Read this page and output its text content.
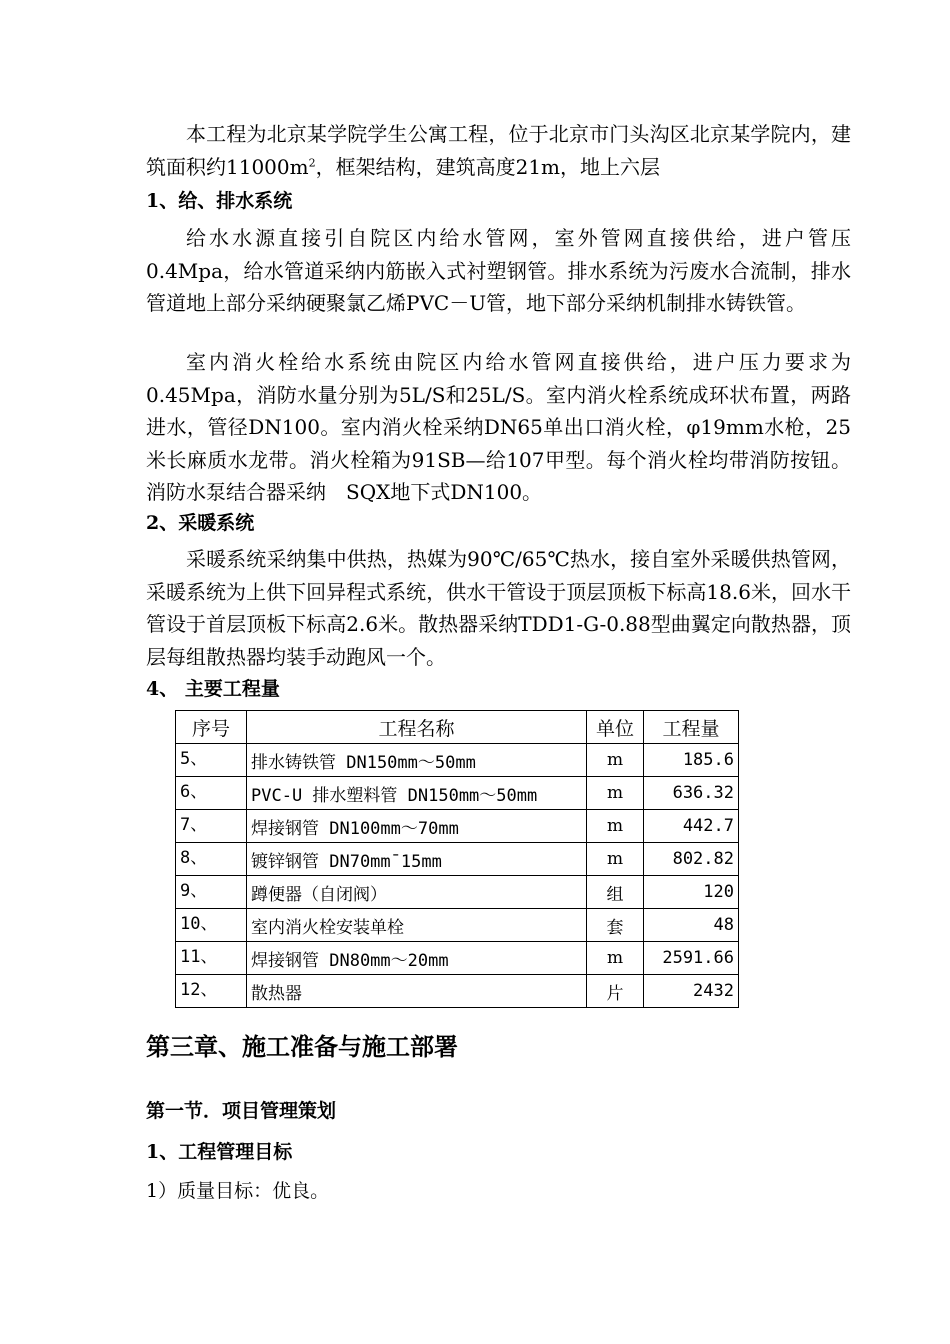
本工程为北京某学院学生公寓工程，位于北京市门头沟区北京某学院内，建筑面积约$11000m^2$，框架结构，建筑高度21m，地上六层

1、给、排水系统

给水水源直接引自院区内给水管网，室外管网直接供给，进户管压0.4Mpa，给水管道采纳内筋嵌入式衬塑钢管。排水系统为污废水合流制，排水管道地上部分采纳硬聚氯乙烯PVC－U管，地下部分采纳机制排水铸铁管。

室内消火栓给水系统由院区内给水管网直接供给，进户压力要求为0.45Mpa，消防水量分别为5L/S和25L/S。室内消火栓系统成环状布置，两路进水，管径DN100。室内消火栓采纳DN65单出口消火栓，φ19mm水枪，25米长麻质水龙带。消火栓箱为91SB—给107甲型。每个消火栓均带消防按钮。消防水泵结合器采纳　SQX地下式DN100。

2、采暖系统

采暖系统采纳集中供热，热媒为90℃/65℃热水，接自室外采暖供热管网，采暖系统为上供下回异程式系统，供水干管设于顶层顶板下标高18.6米，回水干管设于首层顶板下标高2.6米。散热器采纳TDD1-G-0.88型曲翼定向散热器，顶层每组散热器均装手动跑风一个。

4、 主要工程量
序号	工程名称	单位	工程量
5、	排水铸铁管 DN150mm～50mm	m	185.6
6、	PVC-U 排水塑料管 DN150mm～50mm	m	636.32
7、	焊接钢管 DN100mm～70mm	m	442.7
8、	镀锌钢管 DN70mm¯15mm	m	802.82
9、	蹲便器（自闭阀）	组	120
10、	室内消火栓安装单栓	套	48
11、	焊接钢管 DN80mm～20mm	m	2591.66
12、	散热器	片	2432
第三章、施工准备与施工部署
第一节．项目管理策划
1、工程管理目标

1）质量目标：优良。
